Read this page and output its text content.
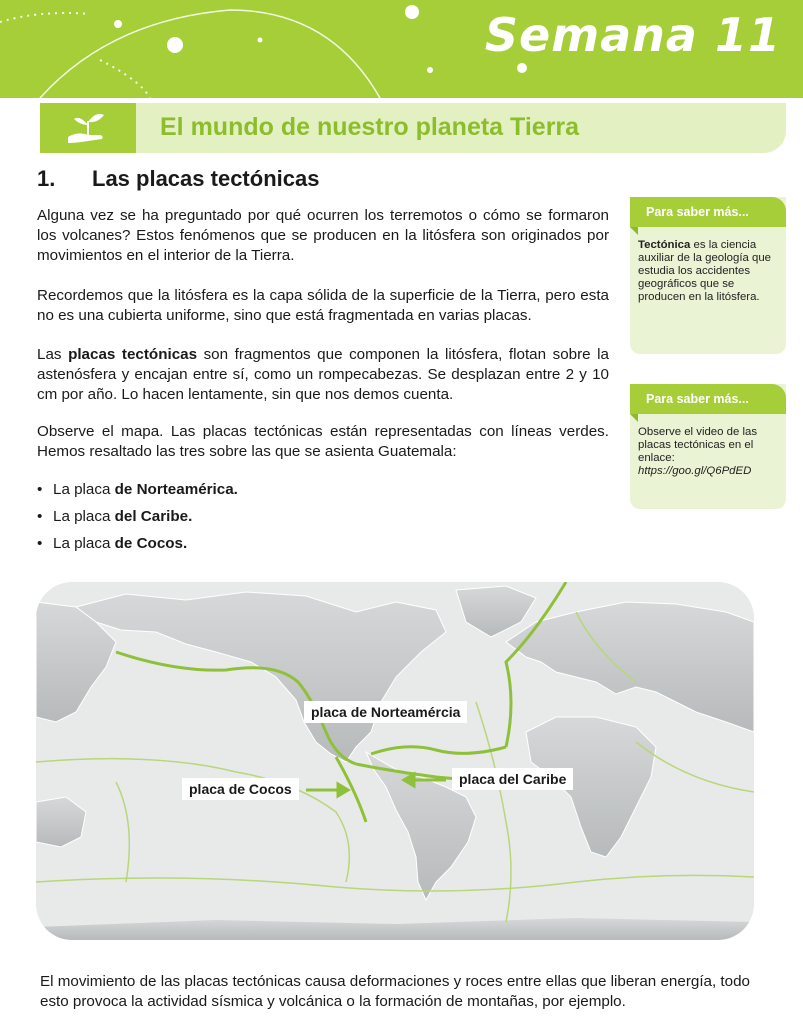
Semana 11
El mundo de nuestro planeta Tierra
1. Las placas tectónicas
Alguna vez se ha preguntado por qué ocurren los terremotos o cómo se formaron los volcanes? Estos fenómenos que se producen en la litósfera son originados por movimientos en el interior de la Tierra.
Recordemos que la litósfera es la capa sólida de la superficie de la Tierra, pero esta no es una cubierta uniforme, sino que está fragmentada en varias placas.
Las placas tectónicas son fragmentos que componen la litósfera, flotan sobre la astenósfera y encajan entre sí, como un rompecabezas. Se desplazan entre 2 y 10 cm por año. Lo hacen lentamente, sin que nos demos cuenta.
Observe el mapa. Las placas tectónicas están representadas con líneas verdes. Hemos resaltado las tres sobre las que se asienta Guatemala:
• La placa de Norteamérica.
• La placa del Caribe.
• La placa de Cocos.
Para saber más...
Tectónica es la ciencia auxiliar de la geología que estudia los accidentes geográficos que se producen en la litósfera.
Para saber más...
Observe el video de las placas tectónicas en el enlace:
https://goo.gl/Q6PdED
placa de Norteamércia
placa de Cocos
placa del Caribe
El movimiento de las placas tectónicas causa deformaciones y roces entre ellas que liberan energía, todo esto provoca la actividad sísmica y volcánica o la formación de montañas, por ejemplo.
